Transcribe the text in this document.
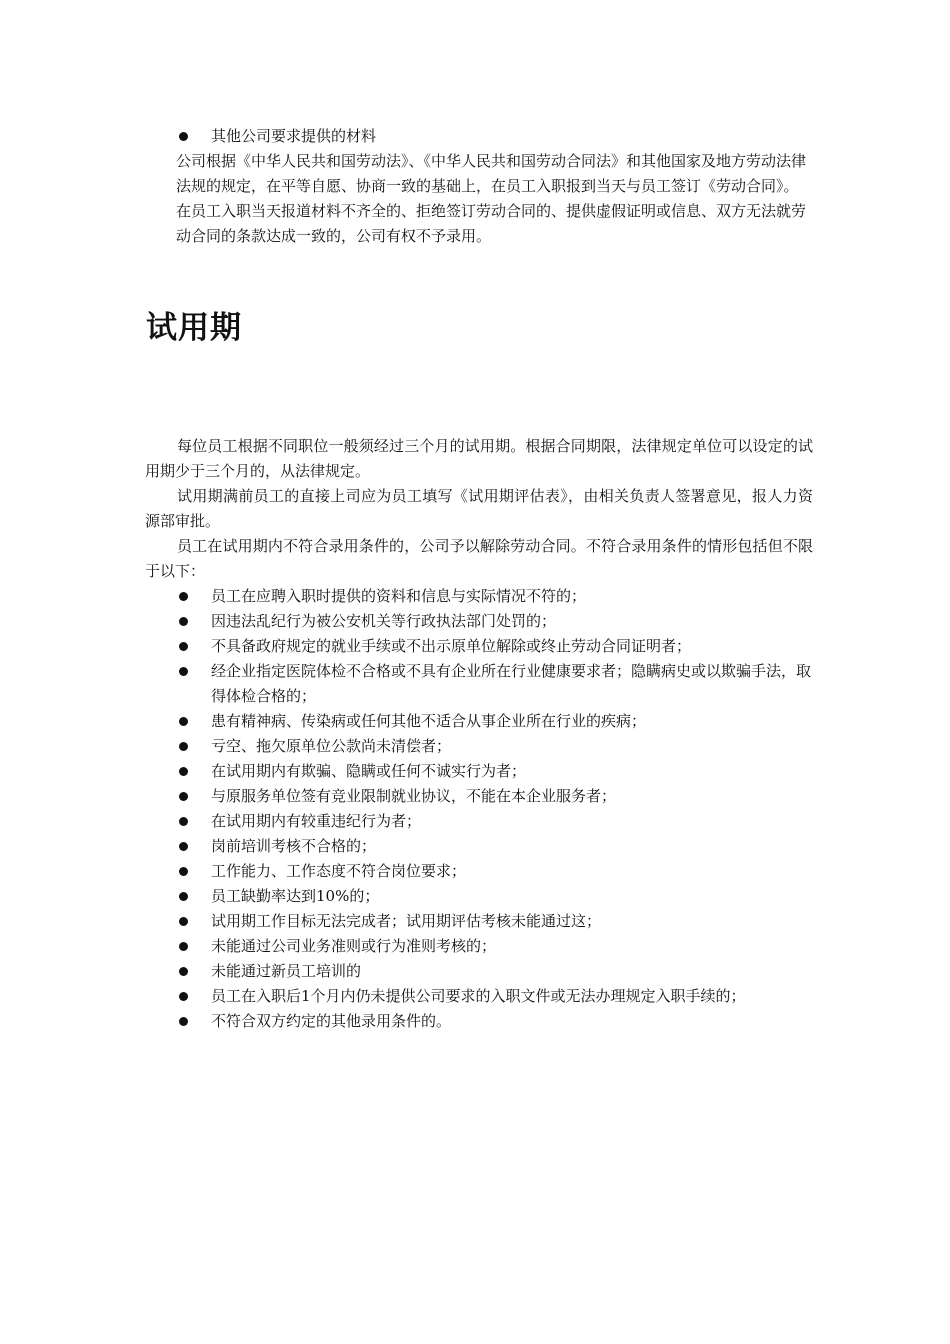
其他公司要求提供的材料

公司根据《中华人民共和国劳动法》、《中华人民共和国劳动合同法》和其他国家及地方劳动法律法规的规定，在平等自愿、协商一致的基础上，在员工入职报到当天与员工签订《劳动合同》。

在员工入职当天报道材料不齐全的、拒绝签订劳动合同的、提供虚假证明或信息、双方无法就劳动合同的条款达成一致的，公司有权不予录用。

试用期

每位员工根据不同职位一般须经过三个月的试用期。根据合同期限，法律规定单位可以设定的试用期少于三个月的，从法律规定。

试用期满前员工的直接上司应为员工填写《试用期评估表》，由相关负责人签署意见，报人力资源部审批。

员工在试用期内不符合录用条件的，公司予以解除劳动合同。不符合录用条件的情形包括但不限于以下：

员工在应聘入职时提供的资料和信息与实际情况不符的；
因违法乱纪行为被公安机关等行政执法部门处罚的；
不具备政府规定的就业手续或不出示原单位解除或终止劳动合同证明者；
经企业指定医院体检不合格或不具有企业所在行业健康要求者；隐瞒病史或以欺骗手法，取得体检合格的；
患有精神病、传染病或任何其他不适合从事企业所在行业的疾病；
亏空、拖欠原单位公款尚未清偿者；
在试用期内有欺骗、隐瞒或任何不诚实行为者；
与原服务单位签有竞业限制就业协议，不能在本企业服务者；
在试用期内有较重违纪行为者；
岗前培训考核不合格的；
工作能力、工作态度不符合岗位要求；
员工缺勤率达到10%的；
试用期工作目标无法完成者；试用期评估考核未能通过这；
未能通过公司业务准则或行为准则考核的；
未能通过新员工培训的
员工在入职后1个月内仍未提供公司要求的入职文件或无法办理规定入职手续的；
不符合双方约定的其他录用条件的。
